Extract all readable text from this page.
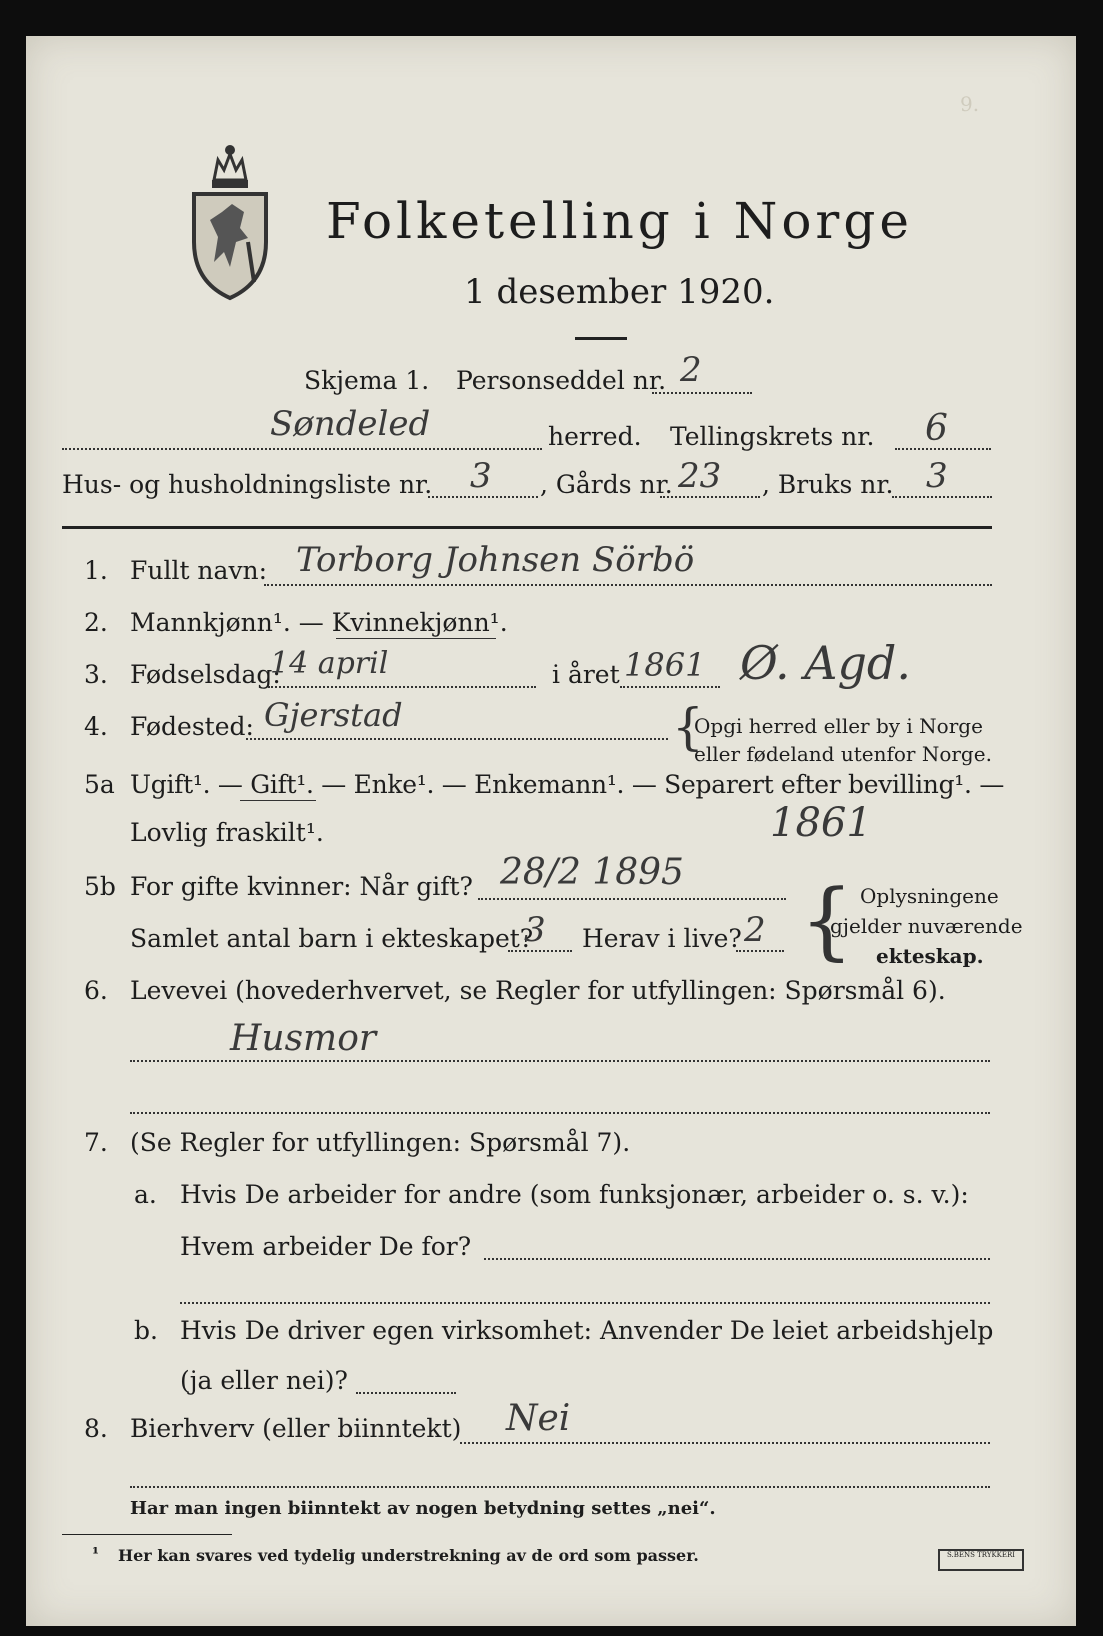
9.
Folketelling i Norge
1 desember 1920.
Skjema 1. Personseddel nr. 2
Søndeled	herred. Tellingskrets nr. 6
Hus- og husholdningsliste nr. 3 , Gårds nr. 23 , Bruks nr. 3
1. Fullt navn: Torborg Johnsen Sörbö
2. Mannkjønn¹. — Kvinnekjønn¹.
3. Fødselsdag:
14 april	i året 1861 Ø. Agd.
4. Fødested: Gjerstad	{
Opgi herred eller by i Norge
eller fødeland utenfor Norge.
5a Ugift¹. — Gift¹. — Enke¹. — Enkemann¹. — Separert efter bevilling¹. —
Lovlig fraskilt¹.	1861
5b For gifte kvinner: Når gift? 28/2 1895
Samlet antal barn i ekteskapet?
3 Herav i live? 2 { Oplysningene
gjelder nuværende
ekteskap.
6. Levevei (hovederhvervet, se Regler for utfyllingen: Spørsmål 6).
Husmor
7. (Se Regler for utfyllingen: Spørsmål 7).
a. Hvis De arbeider for andre (som funksjonær, arbeider o. s. v.):
Hvem arbeider De for?
b. Hvis De driver egen virksomhet: Anvender De leiet arbeidshjelp
(ja eller nei)?
8. Bierhverv (eller biinntekt) Nei
Har man ingen biinntekt av nogen betydning settes „nei“.
¹ Her kan svares ved tydelig understrekning av de ord som passer.	S.BENS TRYKKERI
